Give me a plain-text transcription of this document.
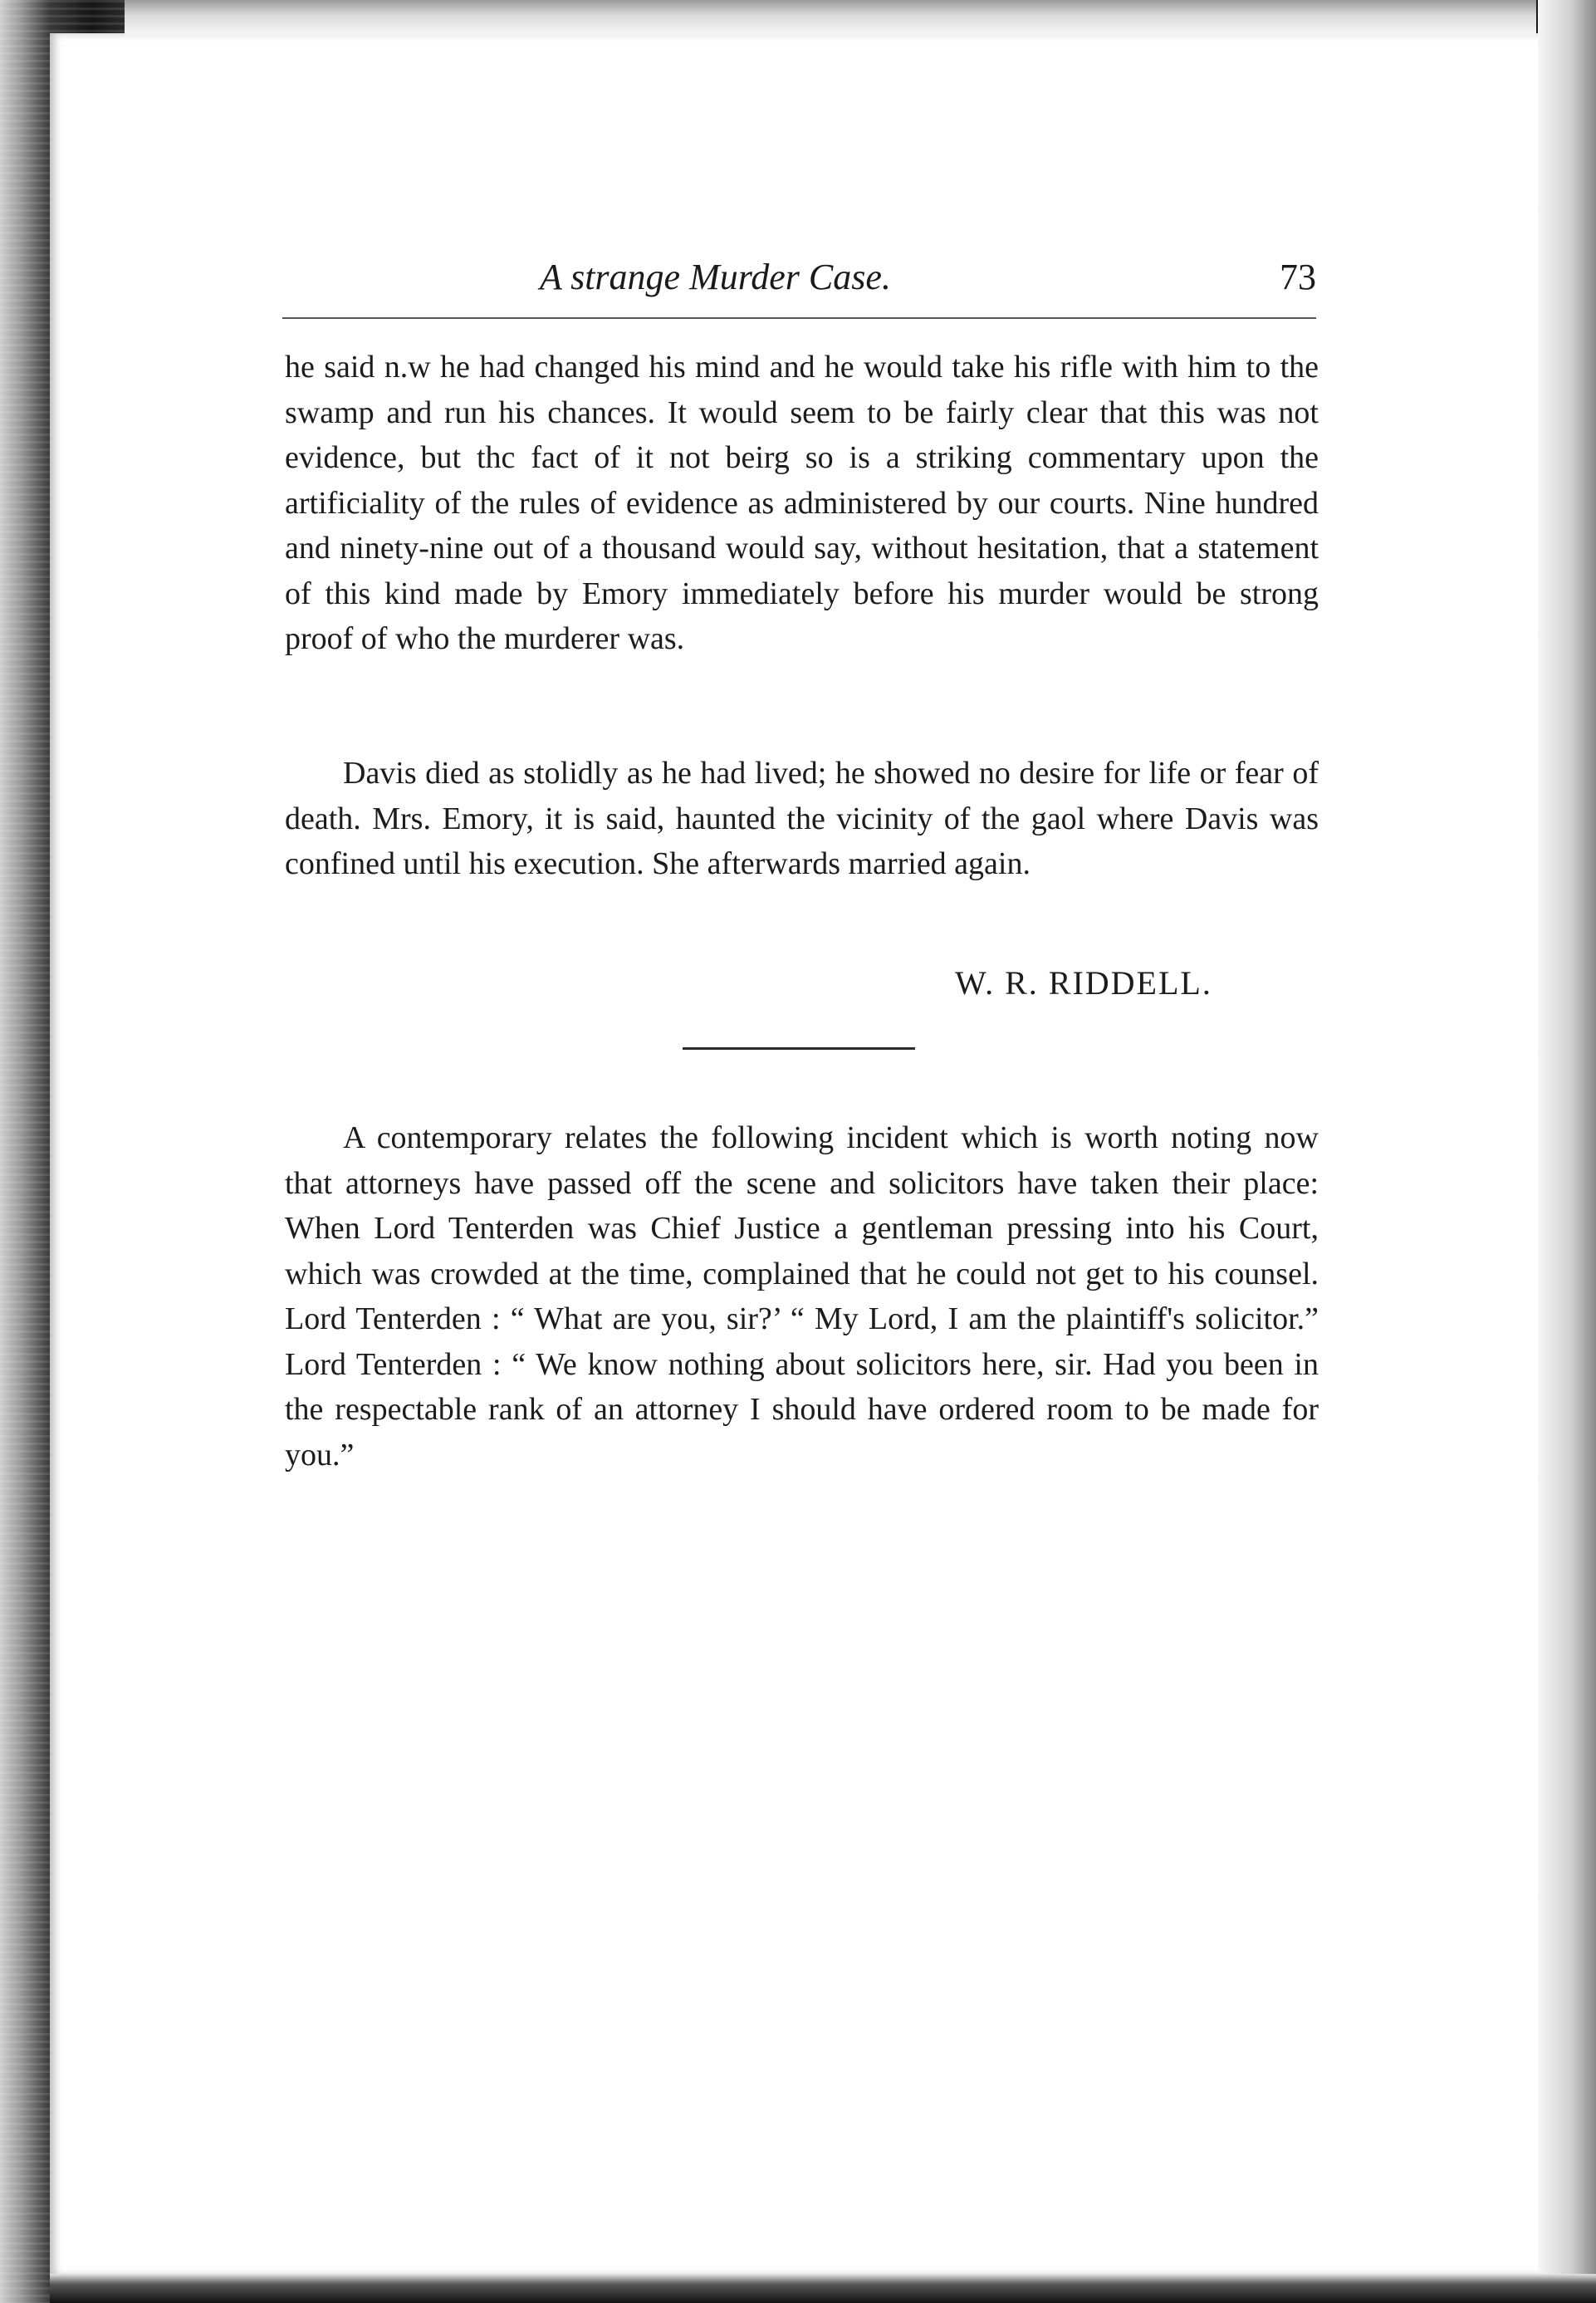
A strange Murder Case.	73

he said n.w he had changed his mind and he would take his rifle with him to the swamp and run his chances. It would seem to be fairly clear that this was not evidence, but thc fact of it not beirg so is a striking commentary upon the artificiality of the rules of evidence as administered by our courts. Nine hundred and ninety-nine out of a thousand would say, without hesitation, that a statement of this kind made by Emory immediately before his murder would be strong proof of who the murderer was.

Davis died as stolidly as he had lived; he showed no desire for life or fear of death. Mrs. Emory, it is said, haunted the vicinity of the gaol where Davis was confined until his execution. She afterwards married again.

W. R. RIDDELL.

A contemporary relates the following incident which is worth noting now that attorneys have passed off the scene and solicitors have taken their place: When Lord Tenterden was Chief Justice a gentleman pressing into his Court, which was crowded at the time, complained that he could not get to his counsel. Lord Tenterden : “ What are you, sir?’ “ My Lord, I am the plaintiff's solicitor.” Lord Tenterden : “ We know nothing about solicitors here, sir. Had you been in the respectable rank of an attorney I should have ordered room to be made for you.”
